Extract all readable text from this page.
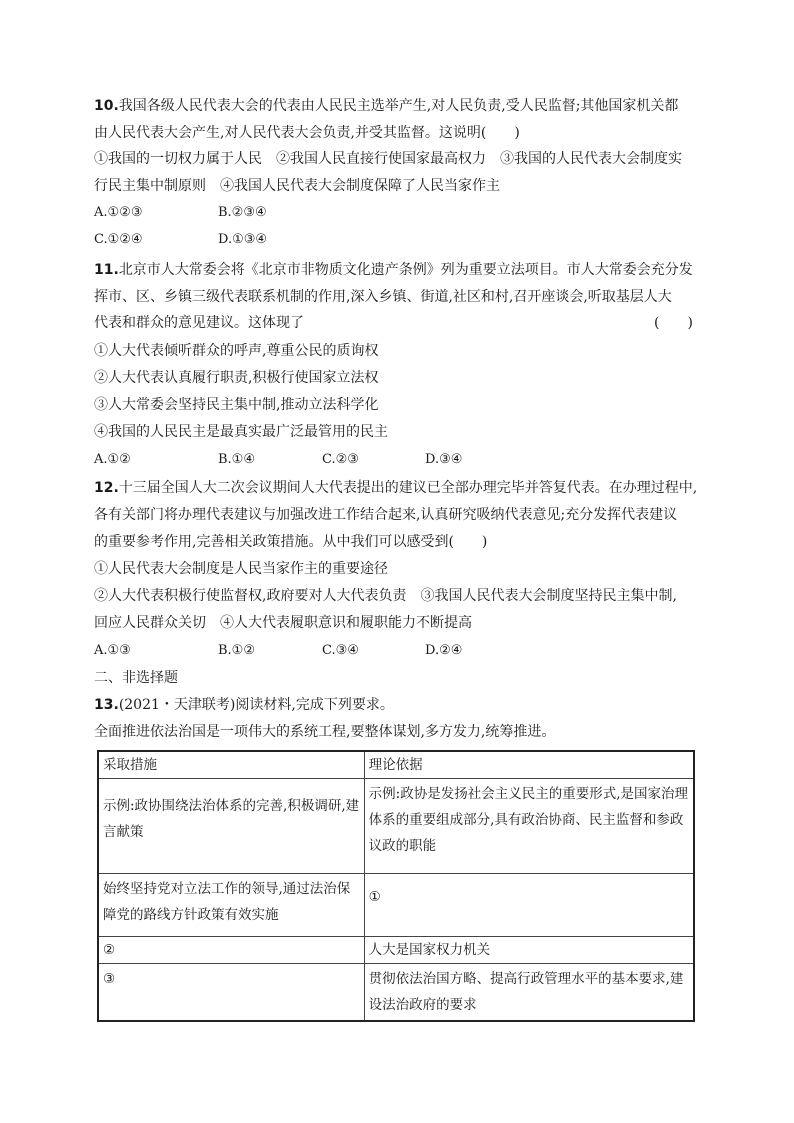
10.我国各级人民代表大会的代表由人民民主选举产生,对人民负责,受人民监督;其他国家机关都
由人民代表大会产生,对人民代表大会负责,并受其监督。这说明(　　)
①我国的一切权力属于人民　②我国人民直接行使国家最高权力　③我国的人民代表大会制度实
行民主集中制原则　④我国人民代表大会制度保障了人民当家作主
A.①②③	B.②③④
C.①②④	D.①③④
11.北京市人大常委会将《北京市非物质文化遗产条例》列为重要立法项目。市人大常委会充分发
挥市、区、乡镇三级代表联系机制的作用,深入乡镇、街道,社区和村,召开座谈会,听取基层人大
代表和群众的意见建议。这体现了	(　　)
①人大代表倾听群众的呼声,尊重公民的质询权
②人大代表认真履行职责,积极行使国家立法权
③人大常委会坚持民主集中制,推动立法科学化
④我国的人民民主是最真实最广泛最管用的民主
A.①②	B.①④	C.②③	D.③④
12.十三届全国人大二次会议期间人大代表提出的建议已全部办理完毕并答复代表。在办理过程中,
各有关部门将办理代表建议与加强改进工作结合起来,认真研究吸纳代表意见;充分发挥代表建议
的重要参考作用,完善相关政策措施。从中我们可以感受到(　　)
①人民代表大会制度是人民当家作主的重要途径
②人大代表积极行使监督权,政府要对人大代表负责　③我国人民代表大会制度坚持民主集中制,
回应人民群众关切　④人大代表履职意识和履职能力不断提高
A.①③	B.①②	C.③④	D.②④
二、非选择题
13.(2021・天津联考)阅读材料,完成下列要求。
全面推进依法治国是一项伟大的系统工程,要整体谋划,多方发力,统筹推进。
采取措施	理论依据
示例:政协围绕法治体系的完善,积极调研,建言献策	示例:政协是发扬社会主义民主的重要形式,是国家治理体系的重要组成部分,具有政治协商、民主监督和参政议政的职能
始终坚持党对立法工作的领导,通过法治保障党的路线方针政策有效实施	①
②	人大是国家权力机关
③	贯彻依法治国方略、提高行政管理水平的基本要求,建设法治政府的要求
